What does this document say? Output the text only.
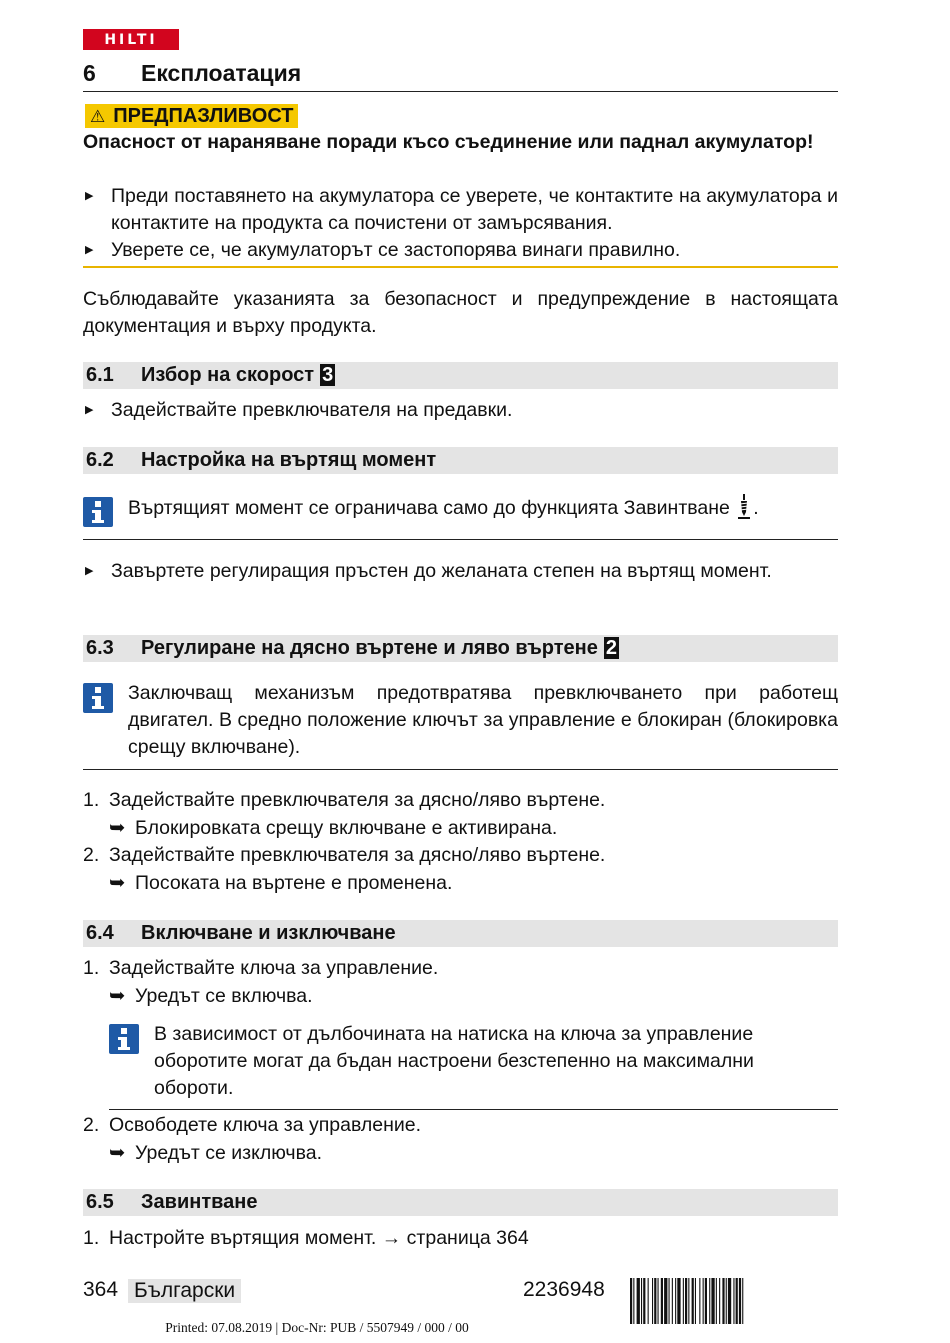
HILTI
6 Експлоатация
⚠ ПРЕДПАЗЛИВОСТ
Опасност от нараняване поради късо съединение или паднал акумулатор!
▶ Преди поставянето на акумулатора се уверете, че контактите на акумулатора и контактите на продукта са почистени от замърсявания.
▶ Уверете се, че акумулаторът се застопорява винаги правилно.
Съблюдавайте указанията за безопасност и предупреждение в настоящата документация и върху продукта.
6.1	Избор на скорост 3
▶ Задействайте превключвателя на предавки.
6.2	Настройка на въртящ момент
Въртящият момент се ограничава само до функцията Завинтване .
▶ Завъртете регулиращия пръстен до желаната степен на въртящ момент.
6.3	Регулиране на дясно въртене и ляво въртене 2
Заключващ механизъм предотвратява превключването при работещ двигател. В средно положение ключът за управление е блокиран (блокировка срещу включване).
1. Задействайте превключвателя за дясно/ляво въртене.
➥ Блокировката срещу включване е активирана.
2. Задействайте превключвателя за дясно/ляво въртене.
➥ Посоката на въртене е променена.
6.4	Включване и изключване
1. Задействайте ключа за управление.
➥ Уредът се включва.
В зависимост от дълбочината на натиска на ключа за управление оборотите могат да бъдан настроени безстепенно на максимални обороти.
2. Освободете ключа за управление.
➥ Уредът се изключва.
6.5	Завинтване
1. Настройте въртящия момент. → страница 364
364 Български	2236948
Printed: 07.08.2019 | Doc-Nr: PUB / 5507949 / 000 / 00
